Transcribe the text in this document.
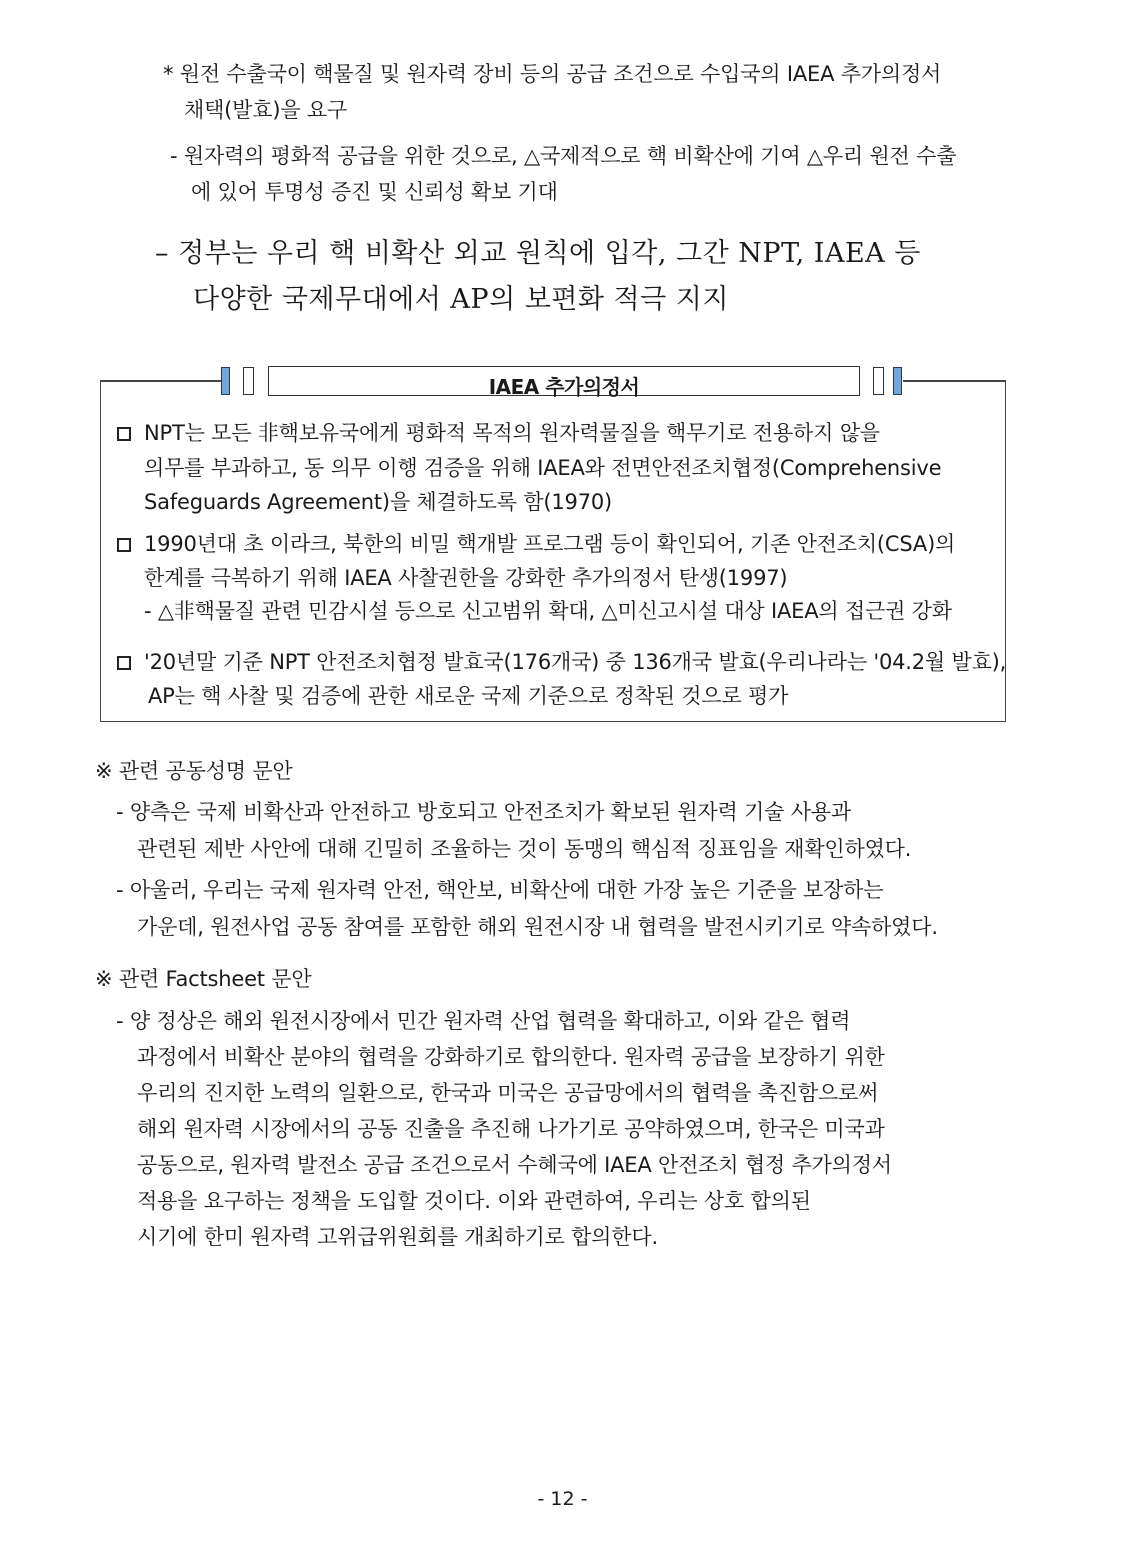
* 원전 수출국이 핵물질 및 원자력 장비 등의 공급 조건으로 수입국의 IAEA 추가의정서
채택(발효)을 요구
- 원자력의 평화적 공급을 위한 것으로, △국제적으로 핵 비확산에 기여 △우리 원전 수출
에 있어 투명성 증진 및 신뢰성 확보 기대
– 정부는 우리 핵 비확산 외교 원칙에 입각, 그간 NPT, IAEA 등
다양한 국제무대에서 AP의 보편화 적극 지지
IAEA 추가의정서
NPT는 모든 非핵보유국에게 평화적 목적의 원자력물질을 핵무기로 전용하지 않을
의무를 부과하고, 동 의무 이행 검증을 위해 IAEA와 전면안전조치협정(Comprehensive
Safeguards Agreement)을 체결하도록 함(1970)
1990년대 초 이라크, 북한의 비밀 핵개발 프로그램 등이 확인되어, 기존 안전조치(CSA)의
한계를 극복하기 위해 IAEA 사찰권한을 강화한 추가의정서 탄생(1997)
- △非핵물질 관련 민감시설 등으로 신고범위 확대, △미신고시설 대상 IAEA의 접근권 강화
'20년말 기준 NPT 안전조치협정 발효국(176개국) 중 136개국 발효(우리나라는 '04.2월 발효),
AP는 핵 사찰 및 검증에 관한 새로운 국제 기준으로 정착된 것으로 평가
※ 관련 공동성명 문안
- 양측은 국제 비확산과 안전하고 방호되고 안전조치가 확보된 원자력 기술 사용과
관련된 제반 사안에 대해 긴밀히 조율하는 것이 동맹의 핵심적 징표임을 재확인하였다.
- 아울러, 우리는 국제 원자력 안전, 핵안보, 비확산에 대한 가장 높은 기준을 보장하는
가운데, 원전사업 공동 참여를 포함한 해외 원전시장 내 협력을 발전시키기로 약속하였다.
※ 관련 Factsheet 문안
- 양 정상은 해외 원전시장에서 민간 원자력 산업 협력을 확대하고, 이와 같은 협력
과정에서 비확산 분야의 협력을 강화하기로 합의한다. 원자력 공급을 보장하기 위한
우리의 진지한 노력의 일환으로, 한국과 미국은 공급망에서의 협력을 촉진함으로써
해외 원자력 시장에서의 공동 진출을 추진해 나가기로 공약하였으며, 한국은 미국과
공동으로, 원자력 발전소 공급 조건으로서 수혜국에 IAEA 안전조치 협정 추가의정서
적용을 요구하는 정책을 도입할 것이다. 이와 관련하여, 우리는 상호 합의된
시기에 한미 원자력 고위급위원회를 개최하기로 합의한다.
- 12 -
